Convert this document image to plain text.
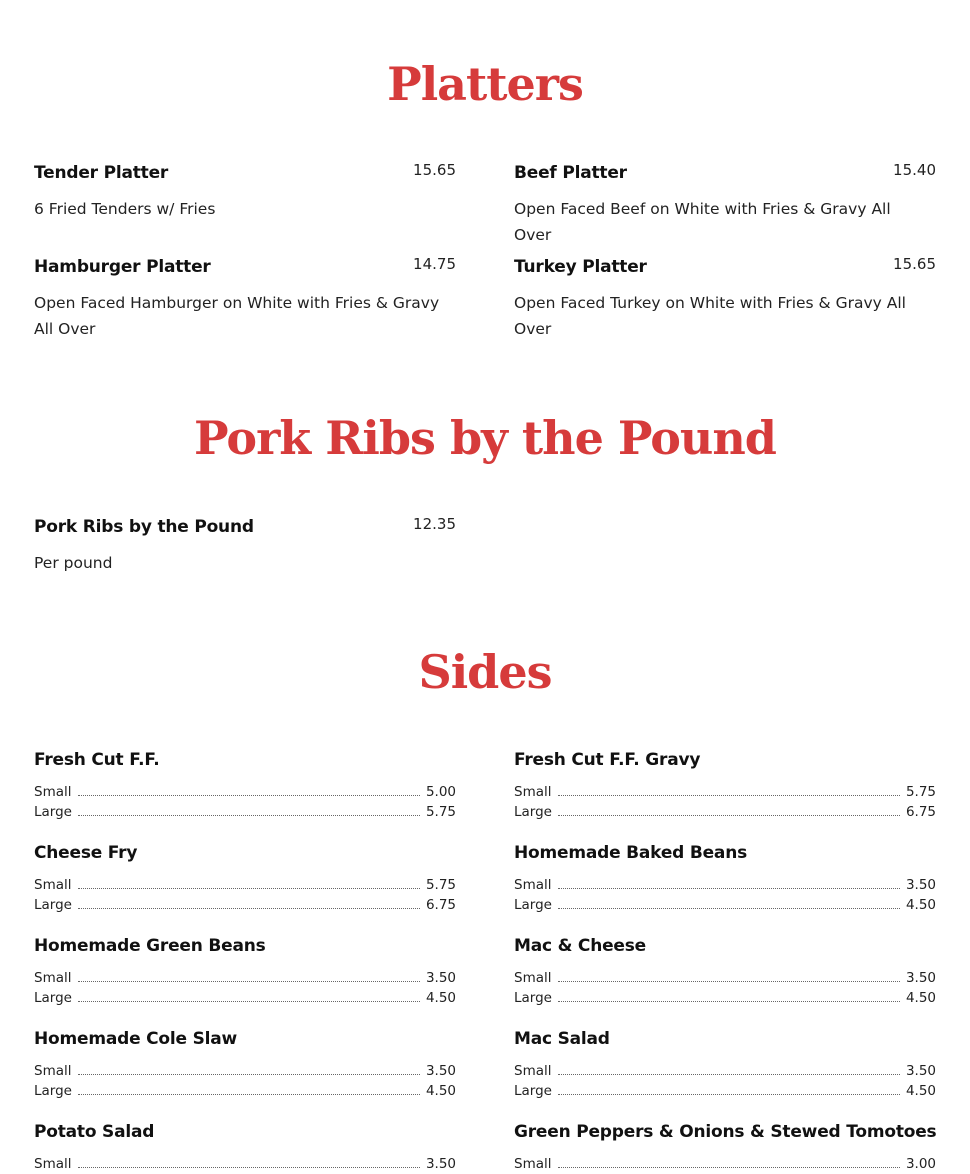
Platters
Tender Platter	15.65
6 Fried Tenders w/ Fries
Hamburger Platter	14.75
Open Faced Hamburger on White with Fries & Gravy All Over
Beef Platter	15.40
Open Faced Beef on White with Fries & Gravy All Over
Turkey Platter	15.65
Open Faced Turkey on White with Fries & Gravy All Over
Pork Ribs by the Pound
Pork Ribs by the Pound	12.35
Per pound
Sides
Fresh Cut F.F.
Small	5.00
Large	5.75
Cheese Fry
Small	5.75
Large	6.75
Homemade Green Beans
Small	3.50
Large	4.50
Homemade Cole Slaw
Small	3.50
Large	4.50
Potato Salad
Small	3.50
Fresh Cut F.F. Gravy
Small	5.75
Large	6.75
Homemade Baked Beans
Small	3.50
Large	4.50
Mac & Cheese
Small	3.50
Large	4.50
Mac Salad
Small	3.50
Large	4.50
Green Peppers & Onions & Stewed Tomotoes
Small	3.00
